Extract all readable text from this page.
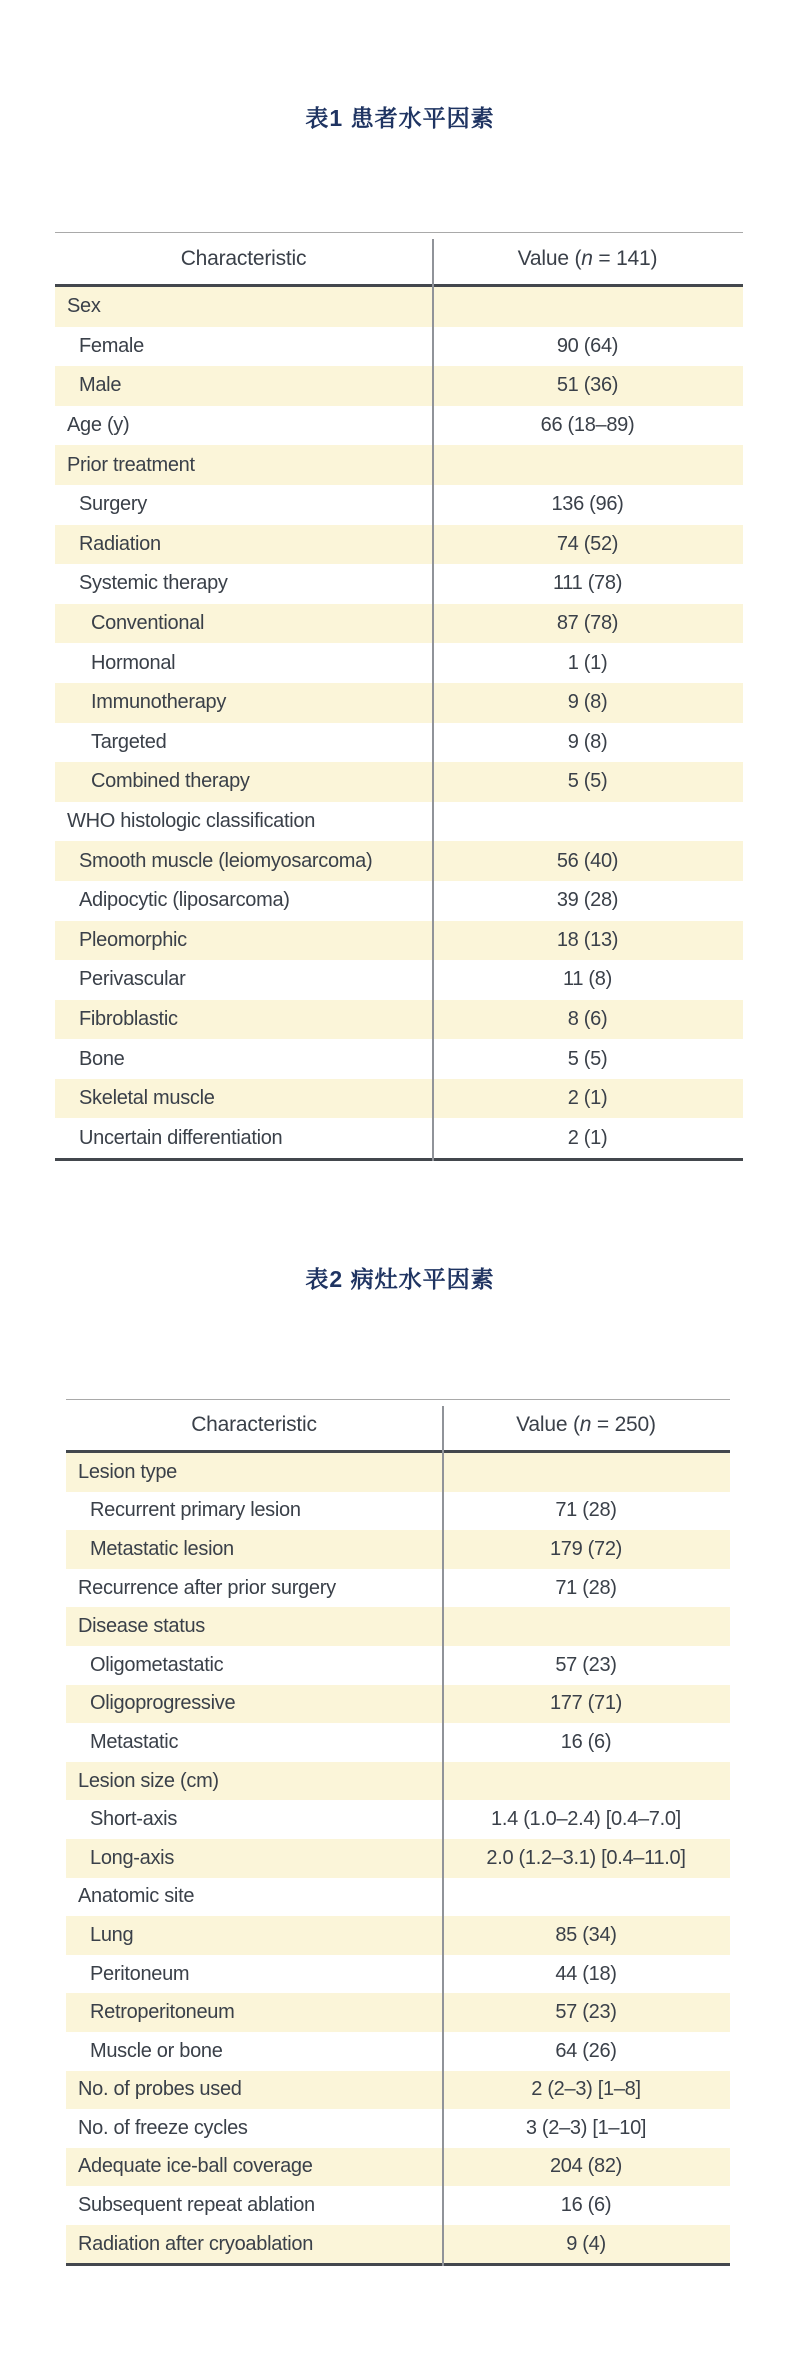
表1 患者水平因素
Characteristic	Value (n = 141)
Sex
Female	90 (64)
Male	51 (36)
Age (y)	66 (18–89)
Prior treatment
Surgery	136 (96)
Radiation	74 (52)
Systemic therapy	111 (78)
Conventional	87 (78)
Hormonal	1 (1)
Immunotherapy	9 (8)
Targeted	9 (8)
Combined therapy	5 (5)
WHO histologic classification
Smooth muscle (leiomyosarcoma)	56 (40)
Adipocytic (liposarcoma)	39 (28)
Pleomorphic	18 (13)
Perivascular	11 (8)
Fibroblastic	8 (6)
Bone	5 (5)
Skeletal muscle	2 (1)
Uncertain differentiation	2 (1)
表2 病灶水平因素
Characteristic	Value (n = 250)
Lesion type
Recurrent primary lesion	71 (28)
Metastatic lesion	179 (72)
Recurrence after prior surgery	71 (28)
Disease status
Oligometastatic	57 (23)
Oligoprogressive	177 (71)
Metastatic	16 (6)
Lesion size (cm)
Short-axis	1.4 (1.0–2.4) [0.4–7.0]
Long-axis	2.0 (1.2–3.1) [0.4–11.0]
Anatomic site
Lung	85 (34)
Peritoneum	44 (18)
Retroperitoneum	57 (23)
Muscle or bone	64 (26)
No. of probes used	2 (2–3) [1–8]
No. of freeze cycles	3 (2–3) [1–10]
Adequate ice-ball coverage	204 (82)
Subsequent repeat ablation	16 (6)
Radiation after cryoablation	9 (4)
